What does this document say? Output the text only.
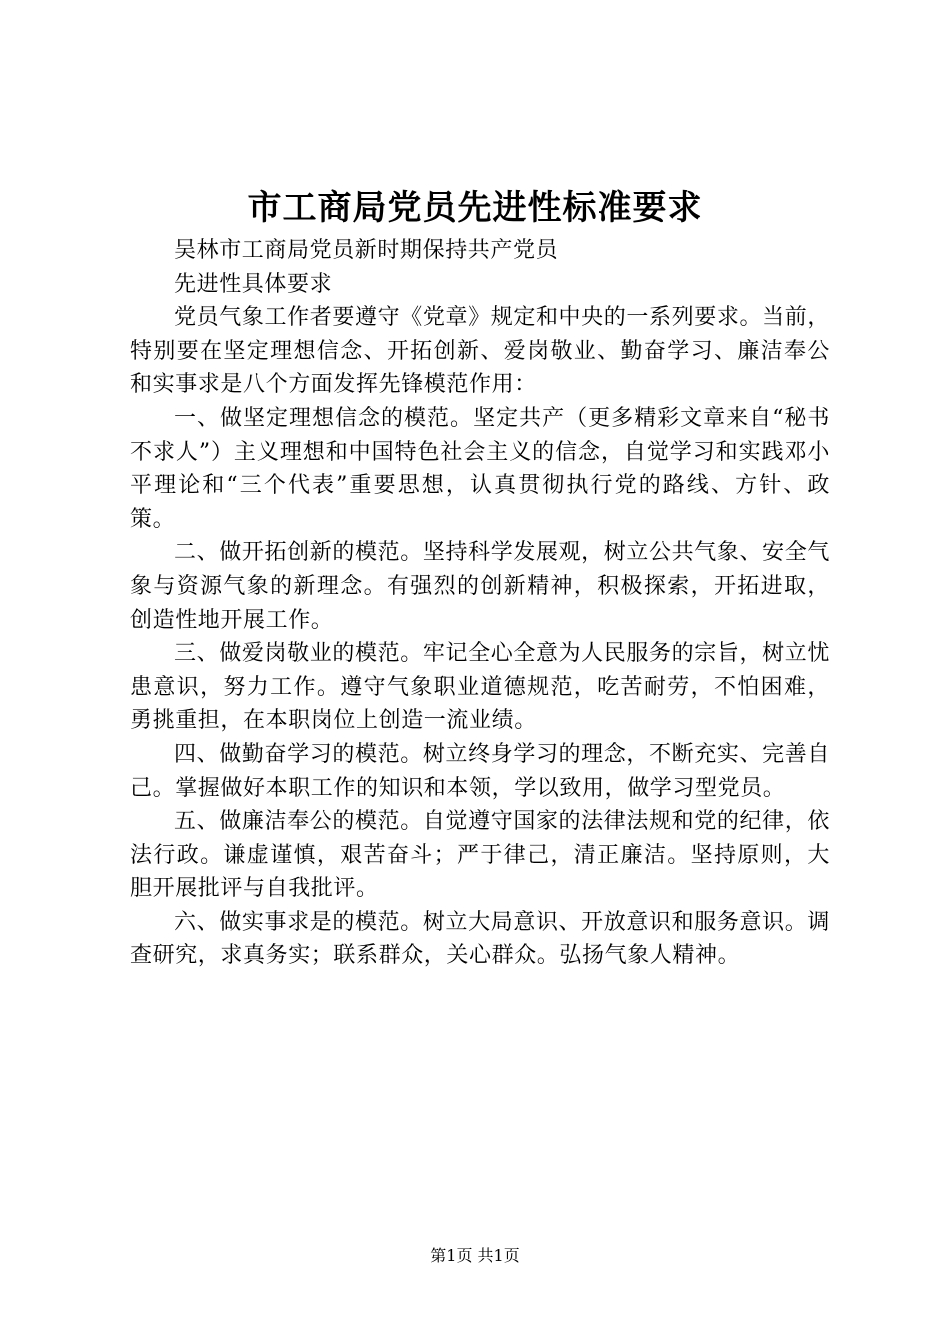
市工商局党员先进性标准要求

吴林市工商局党员新时期保持共产党员

先进性具体要求

党员气象工作者要遵守《党章》规定和中央的一系列要求。当前，特别要在坚定理想信念、开拓创新、爱岗敬业、勤奋学习、廉洁奉公和实事求是八个方面发挥先锋模范作用：

一、做坚定理想信念的模范。坚定共产（更多精彩文章来自“秘书不求人”）主义理想和中国特色社会主义的信念，自觉学习和实践邓小平理论和“三个代表”重要思想，认真贯彻执行党的路线、方针、政策。

二、做开拓创新的模范。坚持科学发展观，树立公共气象、安全气象与资源气象的新理念。有强烈的创新精神，积极探索，开拓进取，创造性地开展工作。

三、做爱岗敬业的模范。牢记全心全意为人民服务的宗旨，树立忧患意识，努力工作。遵守气象职业道德规范，吃苦耐劳，不怕困难，勇挑重担，在本职岗位上创造一流业绩。

四、做勤奋学习的模范。树立终身学习的理念，不断充实、完善自己。掌握做好本职工作的知识和本领，学以致用，做学习型党员。

五、做廉洁奉公的模范。自觉遵守国家的法律法规和党的纪律，依法行政。谦虚谨慎，艰苦奋斗；严于律己，清正廉洁。坚持原则，大胆开展批评与自我批评。

六、做实事求是的模范。树立大局意识、开放意识和服务意识。调查研究，求真务实；联系群众，关心群众。弘扬气象人精神。

第1页 共1页
